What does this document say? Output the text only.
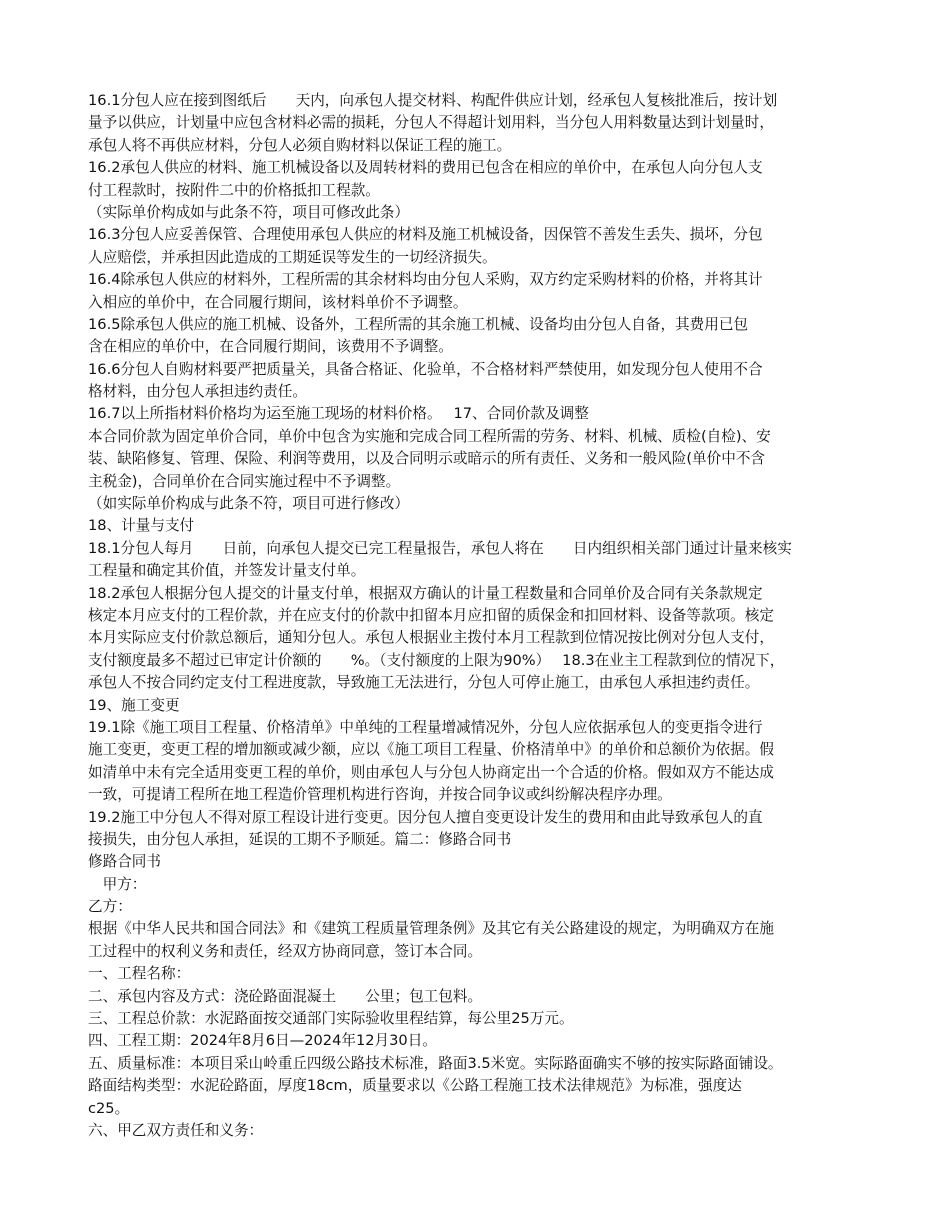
16.1分包人应在接到图纸后　　天内，向承包人提交材料、构配件供应计划，经承包人复核批准后，按计划
量予以供应，计划量中应包含材料必需的损耗，分包人不得超计划用料，当分包人用料数量达到计划量时，
承包人将不再供应材料，分包人必须自购材料以保证工程的施工。
16.2承包人供应的材料、施工机械设备以及周转材料的费用已包含在相应的单价中，在承包人向分包人支
付工程款时，按附件二中的价格抵扣工程款。
（实际单价构成如与此条不符，项目可修改此条）
16.3分包人应妥善保管、合理使用承包人供应的材料及施工机械设备，因保管不善发生丢失、损坏，分包
人应赔偿，并承担因此造成的工期延误等发生的一切经济损失。
16.4除承包人供应的材料外，工程所需的其余材料均由分包人采购，双方约定采购材料的价格，并将其计
入相应的单价中，在合同履行期间，该材料单价不予调整。
16.5除承包人供应的施工机械、设备外，工程所需的其余施工机械、设备均由分包人自备，其费用已包
含在相应的单价中，在合同履行期间，该费用不予调整。
16.6分包人自购材料要严把质量关，具备合格证、化验单，不合格材料严禁使用，如发现分包人使用不合
格材料，由分包人承担违约责任。
16.7以上所指材料价格均为运至施工现场的材料价格。　 17、合同价款及调整
本合同价款为固定单价合同，单价中包含为实施和完成合同工程所需的劳务、材料、机械、质检(自检)、安
装、缺陷修复、管理、保险、利润等费用，以及合同明示或暗示的所有责任、义务和一般风险(单价中不含
主税金)，合同单价在合同实施过程中不予调整。
（如实际单价构成与此条不符，项目可进行修改）
18、计量与支付
18.1分包人每月　　日前，向承包人提交已完工程量报告，承包人将在　　日内组织相关部门通过计量来核实
工程量和确定其价值，并签发计量支付单。
18.2承包人根据分包人提交的计量支付单，根据双方确认的计量工程数量和合同单价及合同有关条款规定
核定本月应支付的工程价款，并在应支付的价款中扣留本月应扣留的质保金和扣回材料、设备等款项。核定
本月实际应支付价款总额后，通知分包人。承包人根据业主拨付本月工程款到位情况按比例对分包人支付，
支付额度最多不超过已审定计价额的　　%。（支付额度的上限为90%）　 18.3在业主工程款到位的情况下，
承包人不按合同约定支付工程进度款，导致施工无法进行，分包人可停止施工，由承包人承担违约责任。
19、施工变更
19.1除《施工项目工程量、价格清单》中单纯的工程量增减情况外，分包人应依据承包人的变更指令进行
施工变更，变更工程的增加额或减少额，应以《施工项目工程量、价格清单中》的单价和总额价为依据。假
如清单中未有完全适用变更工程的单价，则由承包人与分包人协商定出一个合适的价格。假如双方不能达成
一致，可提请工程所在地工程造价管理机构进行咨询，并按合同争议或纠纷解决程序办理。
19.2施工中分包人不得对原工程设计进行变更。因分包人擅自变更设计发生的费用和由此导致承包人的直
接损失，由分包人承担，延误的工期不予顺延。篇二：修路合同书
修路合同书
　甲方：
乙方：
根据《中华人民共和国合同法》和《建筑工程质量管理条例》及其它有关公路建设的规定，为明确双方在施
工过程中的权利义务和责任，经双方协商同意，签订本合同。
一、工程名称：
二、承包内容及方式：浇砼路面混凝土　　公里；包工包料。
三、工程总价款：水泥路面按交通部门实际验收里程结算，每公里25万元。
四、工程工期：2024年8月6日—2024年12月30日。
五、质量标准：本项目采山岭重丘四级公路技术标准，路面3.5米宽。实际路面确实不够的按实际路面铺设。
路面结构类型：水泥砼路面，厚度18cm，质量要求以《公路工程施工技术法律规范》为标准，强度达
c25。
六、甲乙双方责任和义务：
